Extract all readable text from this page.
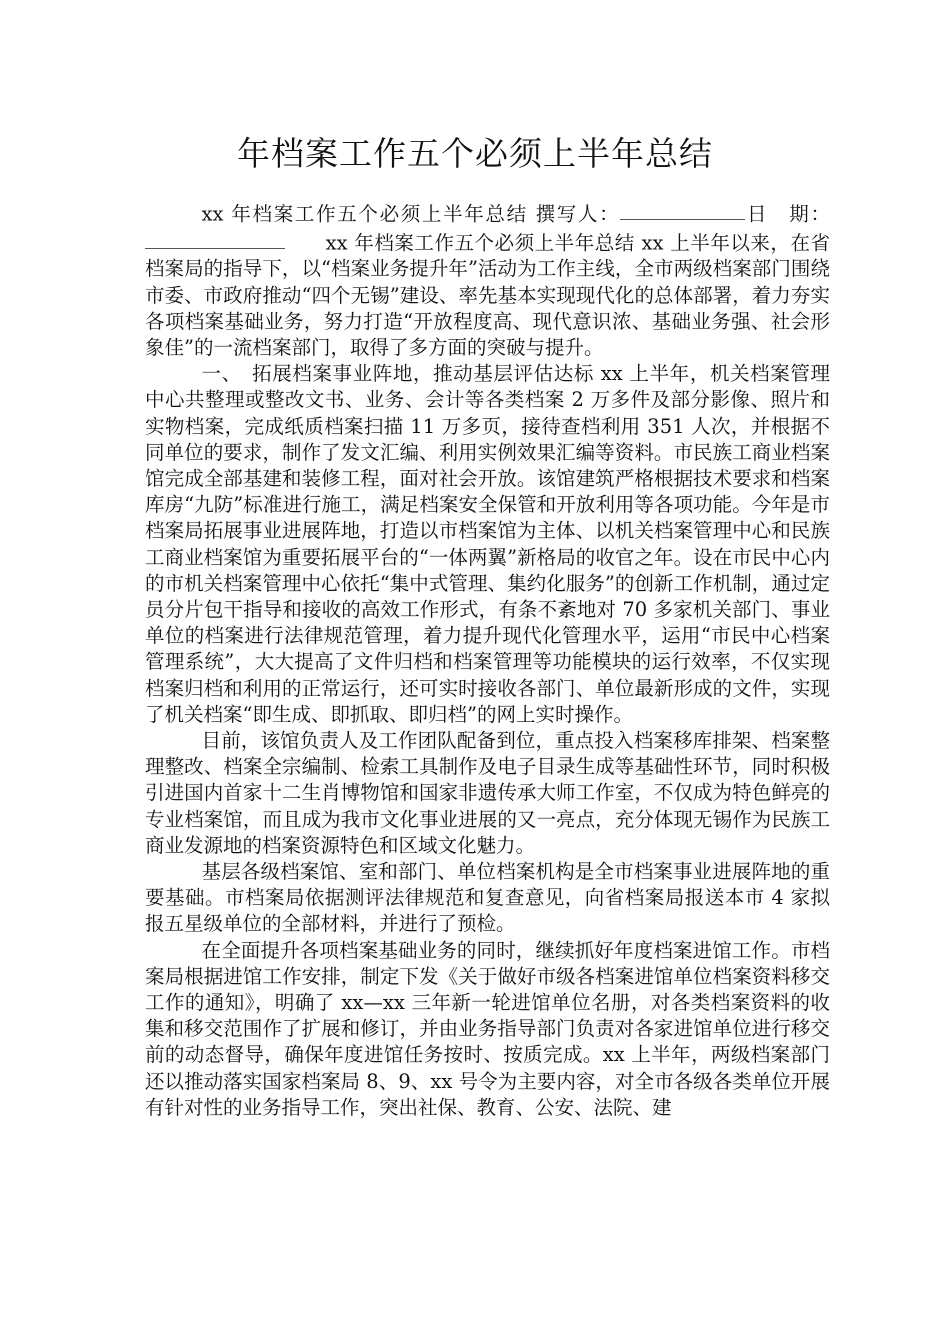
年档案工作五个必须上半年总结

xx 年档案工作五个必须上半年总结 撰写人：	日　期：　　xx 年档案工作五个必须上半年总结 xx 上半年以来，在省档案局的指导下，以“档案业务提升年”活动为工作主线，全市两级档案部门围绕市委、市政府推动“四个无锡”建设、率先基本实现现代化的总体部署，着力夯实各项档案基础业务，努力打造“开放程度高、现代意识浓、基础业务强、社会形象佳”的一流档案部门，取得了多方面的突破与提升。

一、　拓展档案事业阵地，推动基层评估达标 xx 上半年，机关档案管理中心共整理或整改文书、业务、会计等各类档案 2 万多件及部分影像、照片和实物档案，完成纸质档案扫描 11 万多页，接待查档利用 351 人次，并根据不同单位的要求，制作了发文汇编、利用实例效果汇编等资料。市民族工商业档案馆完成全部基建和装修工程，面对社会开放。该馆建筑严格根据技术要求和档案库房“九防”标准进行施工，满足档案安全保管和开放利用等各项功能。今年是市档案局拓展事业进展阵地，打造以市档案馆为主体、以机关档案管理中心和民族工商业档案馆为重要拓展平台的“一体两翼”新格局的收官之年。设在市民中心内的市机关档案管理中心依托“集中式管理、集约化服务”的创新工作机制，通过定员分片包干指导和接收的高效工作形式，有条不紊地对 70 多家机关部门、事业单位的档案进行法律规范管理，着力提升现代化管理水平，运用“市民中心档案管理系统”，大大提高了文件归档和档案管理等功能模块的运行效率，不仅实现档案归档和利用的正常运行，还可实时接收各部门、单位最新形成的文件，实现了机关档案“即生成、即抓取、即归档”的网上实时操作。

目前，该馆负责人及工作团队配备到位，重点投入档案移库排架、档案整理整改、档案全宗编制、检索工具制作及电子目录生成等基础性环节，同时积极引进国内首家十二生肖博物馆和国家非遗传承大师工作室，不仅成为特色鲜亮的专业档案馆，而且成为我市文化事业进展的又一亮点，充分体现无锡作为民族工商业发源地的档案资源特色和区域文化魅力。

基层各级档案馆、室和部门、单位档案机构是全市档案事业进展阵地的重要基础。市档案局依据测评法律规范和复查意见，向省档案局报送本市 4 家拟报五星级单位的全部材料，并进行了预检。

在全面提升各项档案基础业务的同时，继续抓好年度档案进馆工作。市档案局根据进馆工作安排，制定下发《关于做好市级各档案进馆单位档案资料移交工作的通知》，明确了 xx—xx 三年新一轮进馆单位名册，对各类档案资料的收集和移交范围作了扩展和修订，并由业务指导部门负责对各家进馆单位进行移交前的动态督导，确保年度进馆任务按时、按质完成。xx 上半年，两级档案部门还以推动落实国家档案局 8、9、xx 号令为主要内容，对全市各级各类单位开展有针对性的业务指导工作，突出社保、教育、公安、法院、建
